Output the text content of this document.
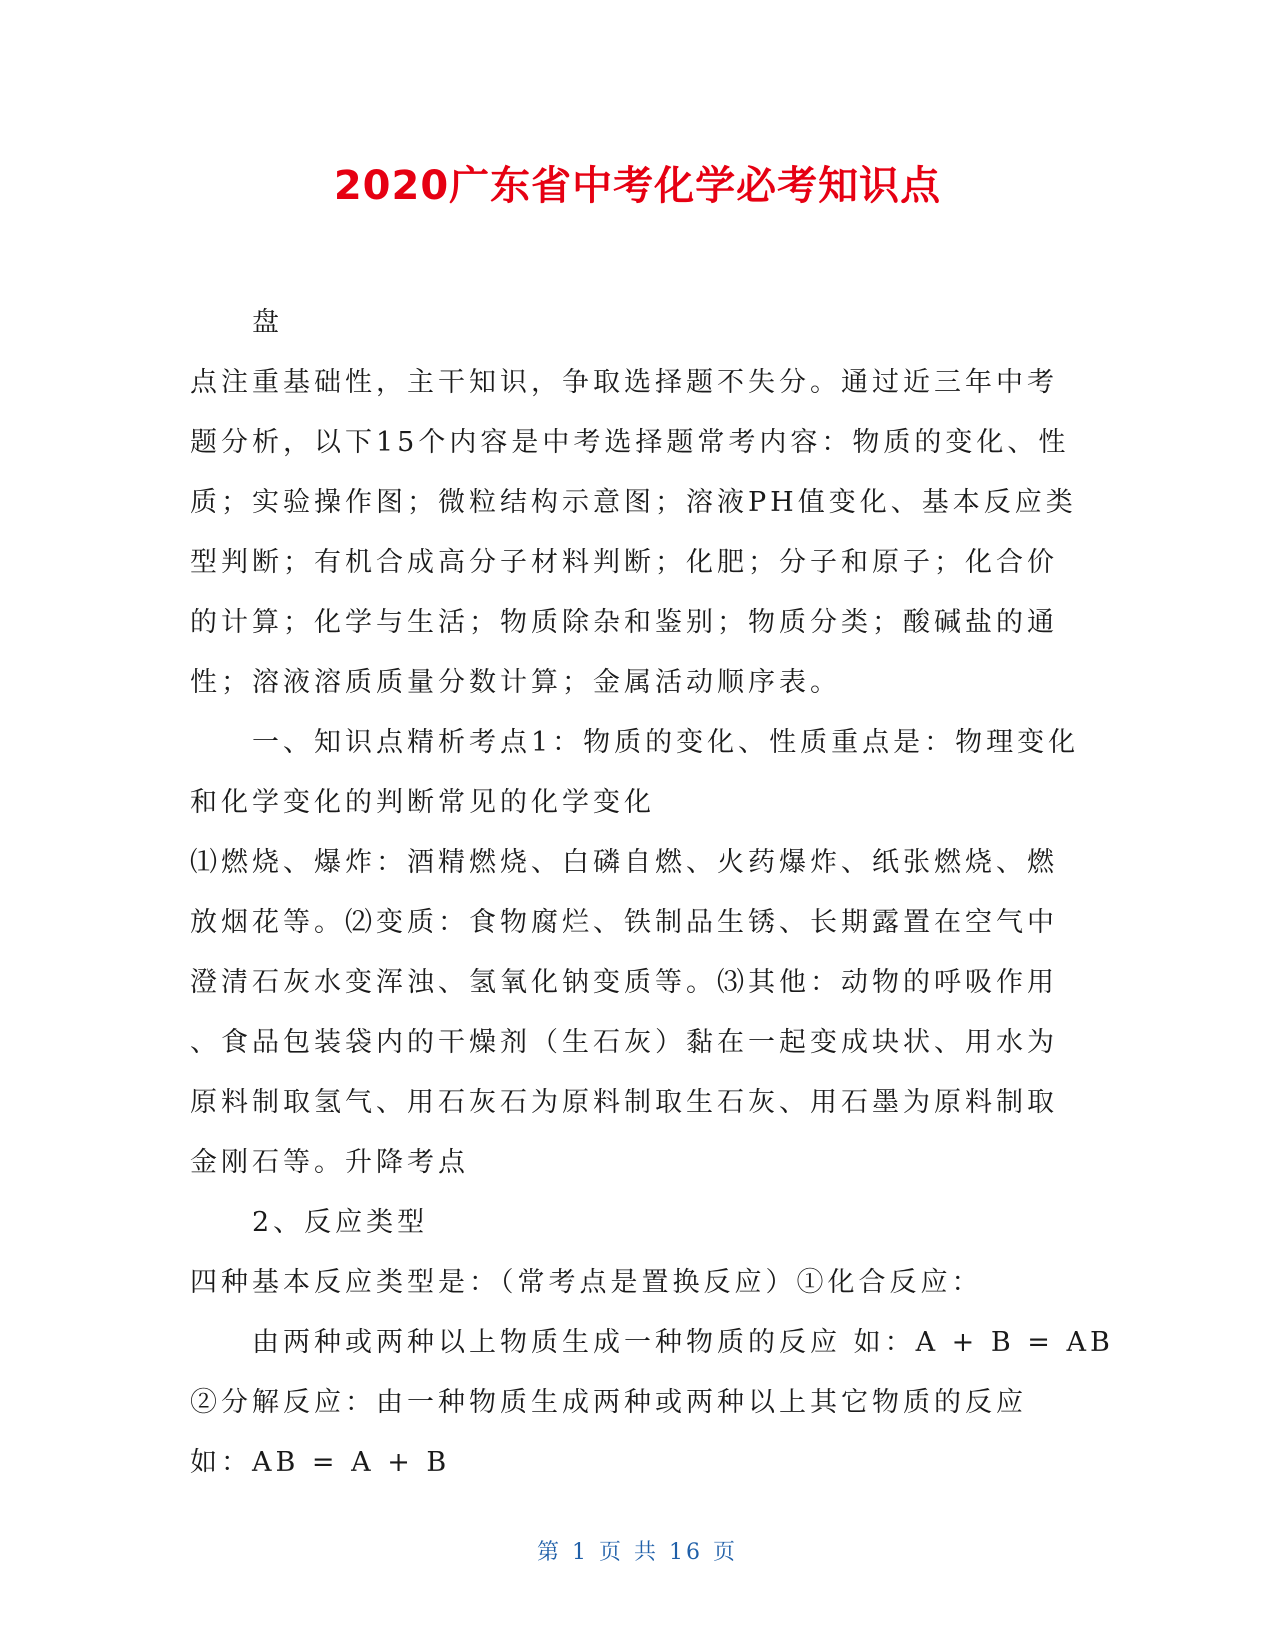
2020广东省中考化学必考知识点
盘
点注重基础性，主干知识，争取选择题不失分。通过近三年中考
题分析，以下15个内容是中考选择题常考内容：物质的变化、性
质；实验操作图；微粒结构示意图；溶液PH值变化、基本反应类
型判断；有机合成高分子材料判断；化肥；分子和原子；化合价
的计算；化学与生活；物质除杂和鉴别；物质分类；酸碱盐的通
性；溶液溶质质量分数计算；金属活动顺序表。
一、知识点精析考点1：物质的变化、性质重点是：物理变化
和化学变化的判断常见的化学变化
⑴燃烧、爆炸：酒精燃烧、白磷自燃、火药爆炸、纸张燃烧、燃
放烟花等。⑵变质：食物腐烂、铁制品生锈、长期露置在空气中
澄清石灰水变浑浊、氢氧化钠变质等。⑶其他：动物的呼吸作用
、食品包装袋内的干燥剂（生石灰）黏在一起变成块状、用水为
原料制取氢气、用石灰石为原料制取生石灰、用石墨为原料制取
金刚石等。升降考点
2、反应类型
四种基本反应类型是：（常考点是置换反应）①化合反应：
由两种或两种以上物质生成一种物质的反应 如：A + B = AB
②分解反应：由一种物质生成两种或两种以上其它物质的反应
如：AB = A + B
第 1 页 共 16 页
